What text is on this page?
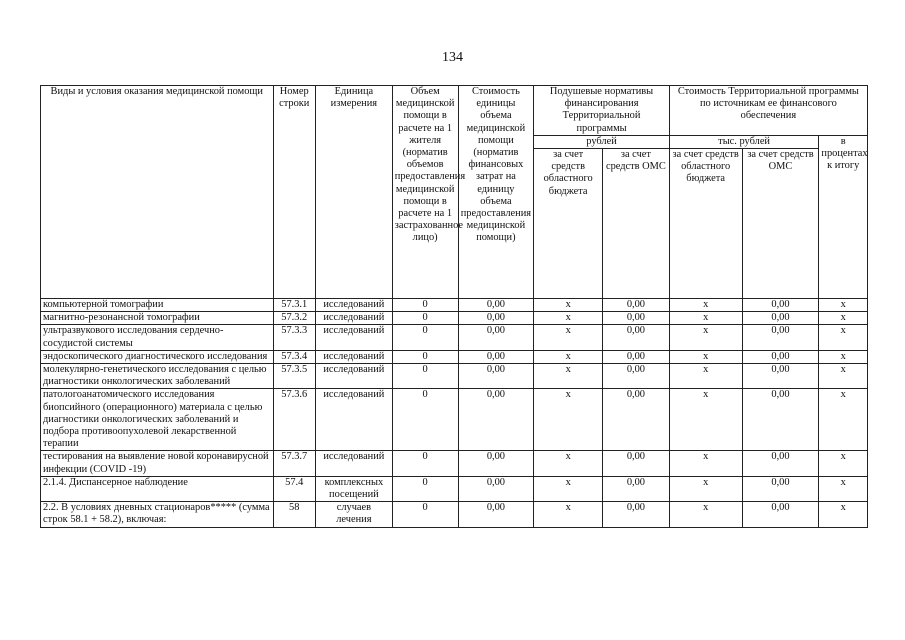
134
Виды и условия оказания медицинской помощи	Номер строки	Единица измерения	Объем медицинской помощи в расчете на 1 жителя (норматив объемов предоставления медицинской помощи в расчете на 1 застрахованное лицо)	Стоимость единицы объема медицинской помощи (норматив финансовых затрат на единицу объема предоставления медицинской помощи)	Подушевые нормативы финансирования Территориальной программы		Стоимость Территориальной программы по источникам ее финансового обеспечения		
					рублей		тыс. рублей		в процентах к итогу
					за счет средств областного бюджета	за счет средств ОМС	за счет средств областного бюджета	за счет средств ОМС	
компьютерной томографии	57.3.1	исследований	0	0,00	х	0,00	х	0,00	х
магнитно-резонансной томографии	57.3.2	исследований	0	0,00	х	0,00	х	0,00	х
ультразвукового исследования сердечно-сосудистой системы	57.3.3	исследований	0	0,00	х	0,00	х	0,00	х
эндоскопического диагностического исследования	57.3.4	исследований	0	0,00	х	0,00	х	0,00	х
молекулярно-генетического исследования с целью диагностики онкологических заболеваний	57.3.5	исследований	0	0,00	х	0,00	х	0,00	х
патологоанатомического исследования биопсийного (операционного) материала с целью диагностики онкологических заболеваний и подбора противоопухолевой лекарственной терапии	57.3.6	исследований	0	0,00	х	0,00	х	0,00	х
тестирования на выявление новой коронавирусной инфекции (COVID -19)	57.3.7	исследований	0	0,00	х	0,00	х	0,00	х
2.1.4. Диспансерное наблюдение	57.4	комплексных посещений	0	0,00	х	0,00	х	0,00	х
2.2. В условиях дневных стационаров***** (сумма строк 58.1 + 58.2), включая:	58	случаев лечения	0	0,00	х	0,00	х	0,00	х
